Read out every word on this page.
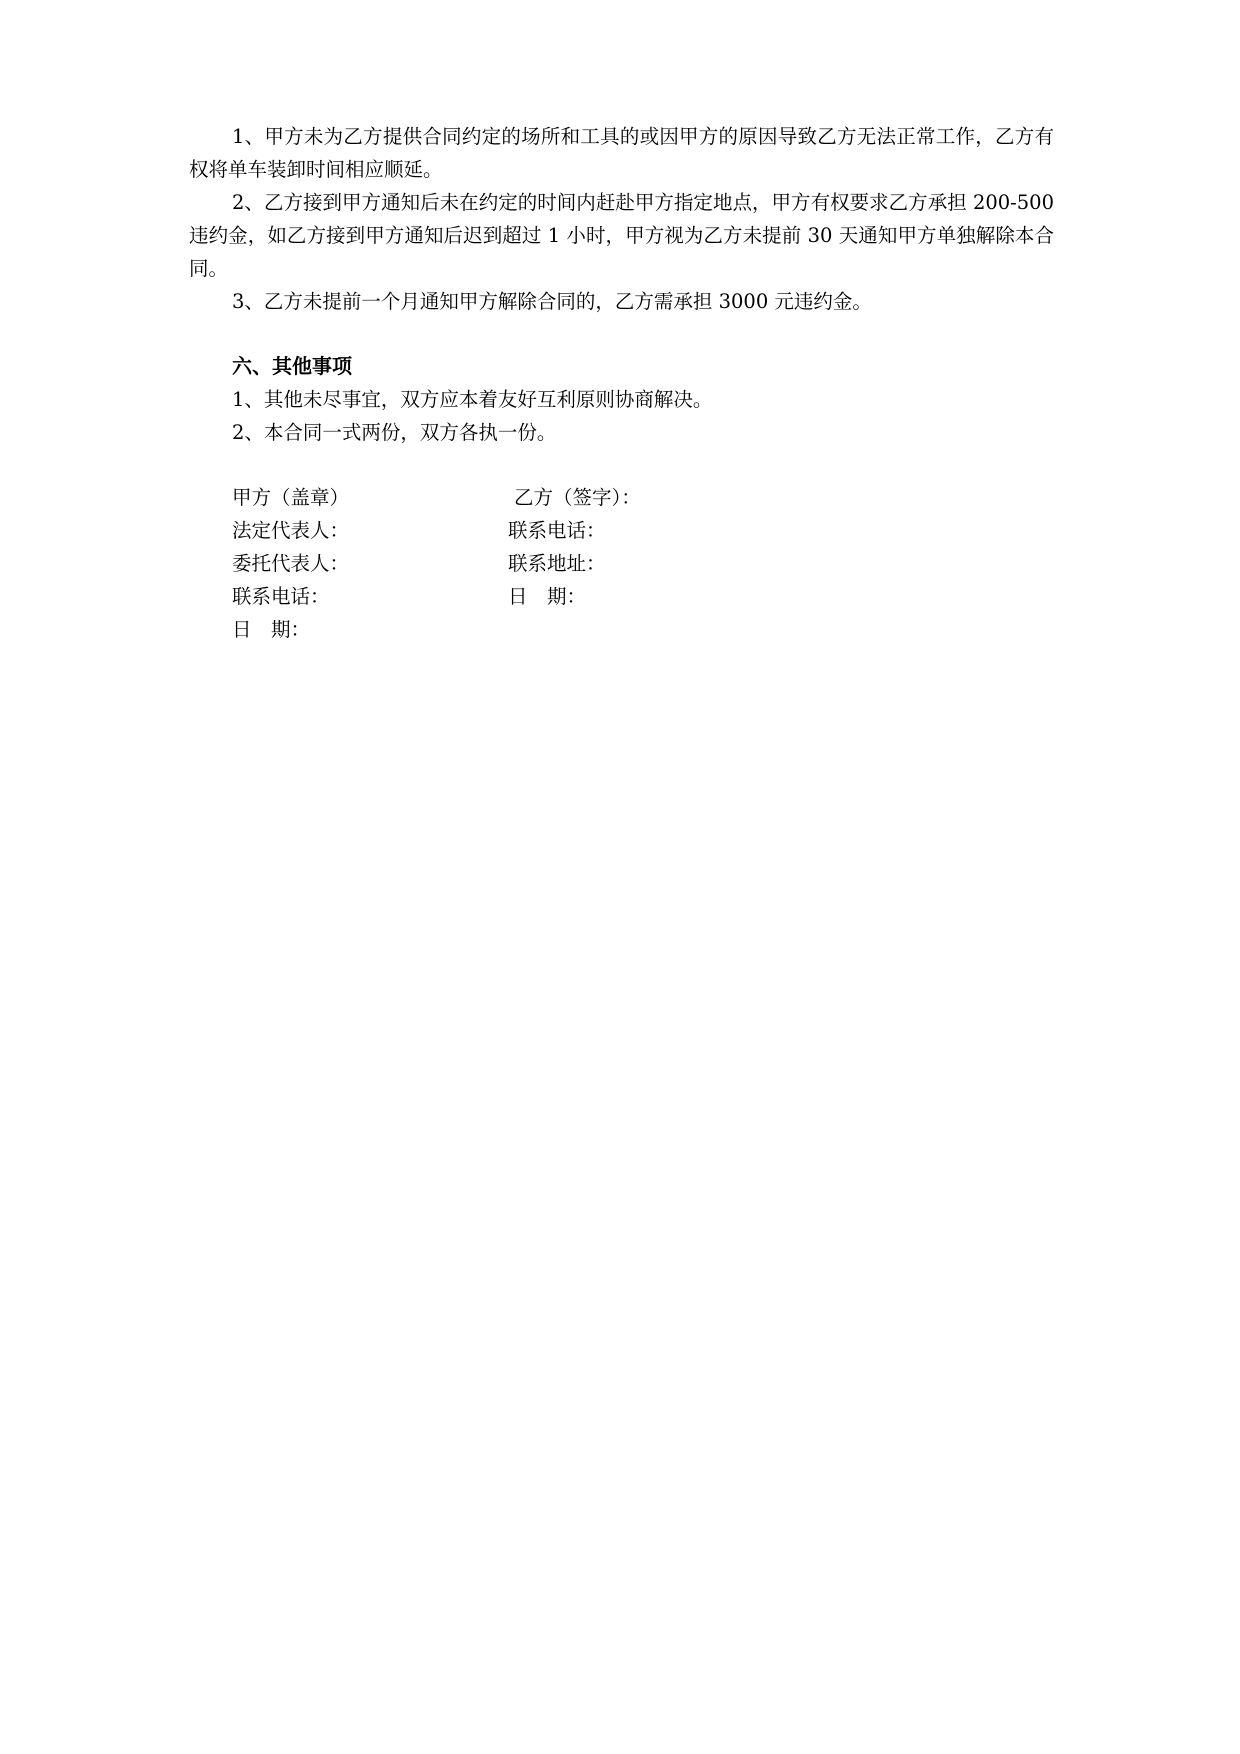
1、甲方未为乙方提供合同约定的场所和工具的或因甲方的原因导致乙方无法正常工作，乙方有权将单车装卸时间相应顺延。

2、乙方接到甲方通知后未在约定的时间内赶赴甲方指定地点，甲方有权要求乙方承担 200-500 违约金，如乙方接到甲方通知后迟到超过 1 小时，甲方视为乙方未提前 30 天通知甲方单独解除本合同。

3、乙方未提前一个月通知甲方解除合同的，乙方需承担 3000 元违约金。

六、其他事项

1、其他未尽事宜，双方应本着友好互利原则协商解决。

2、本合同一式两份，双方各执一份。

甲方（盖章）	乙方（签字）：
法定代表人：	联系电话：
委托代表人：	联系地址：
联系电话：	日　期：
日　期：
